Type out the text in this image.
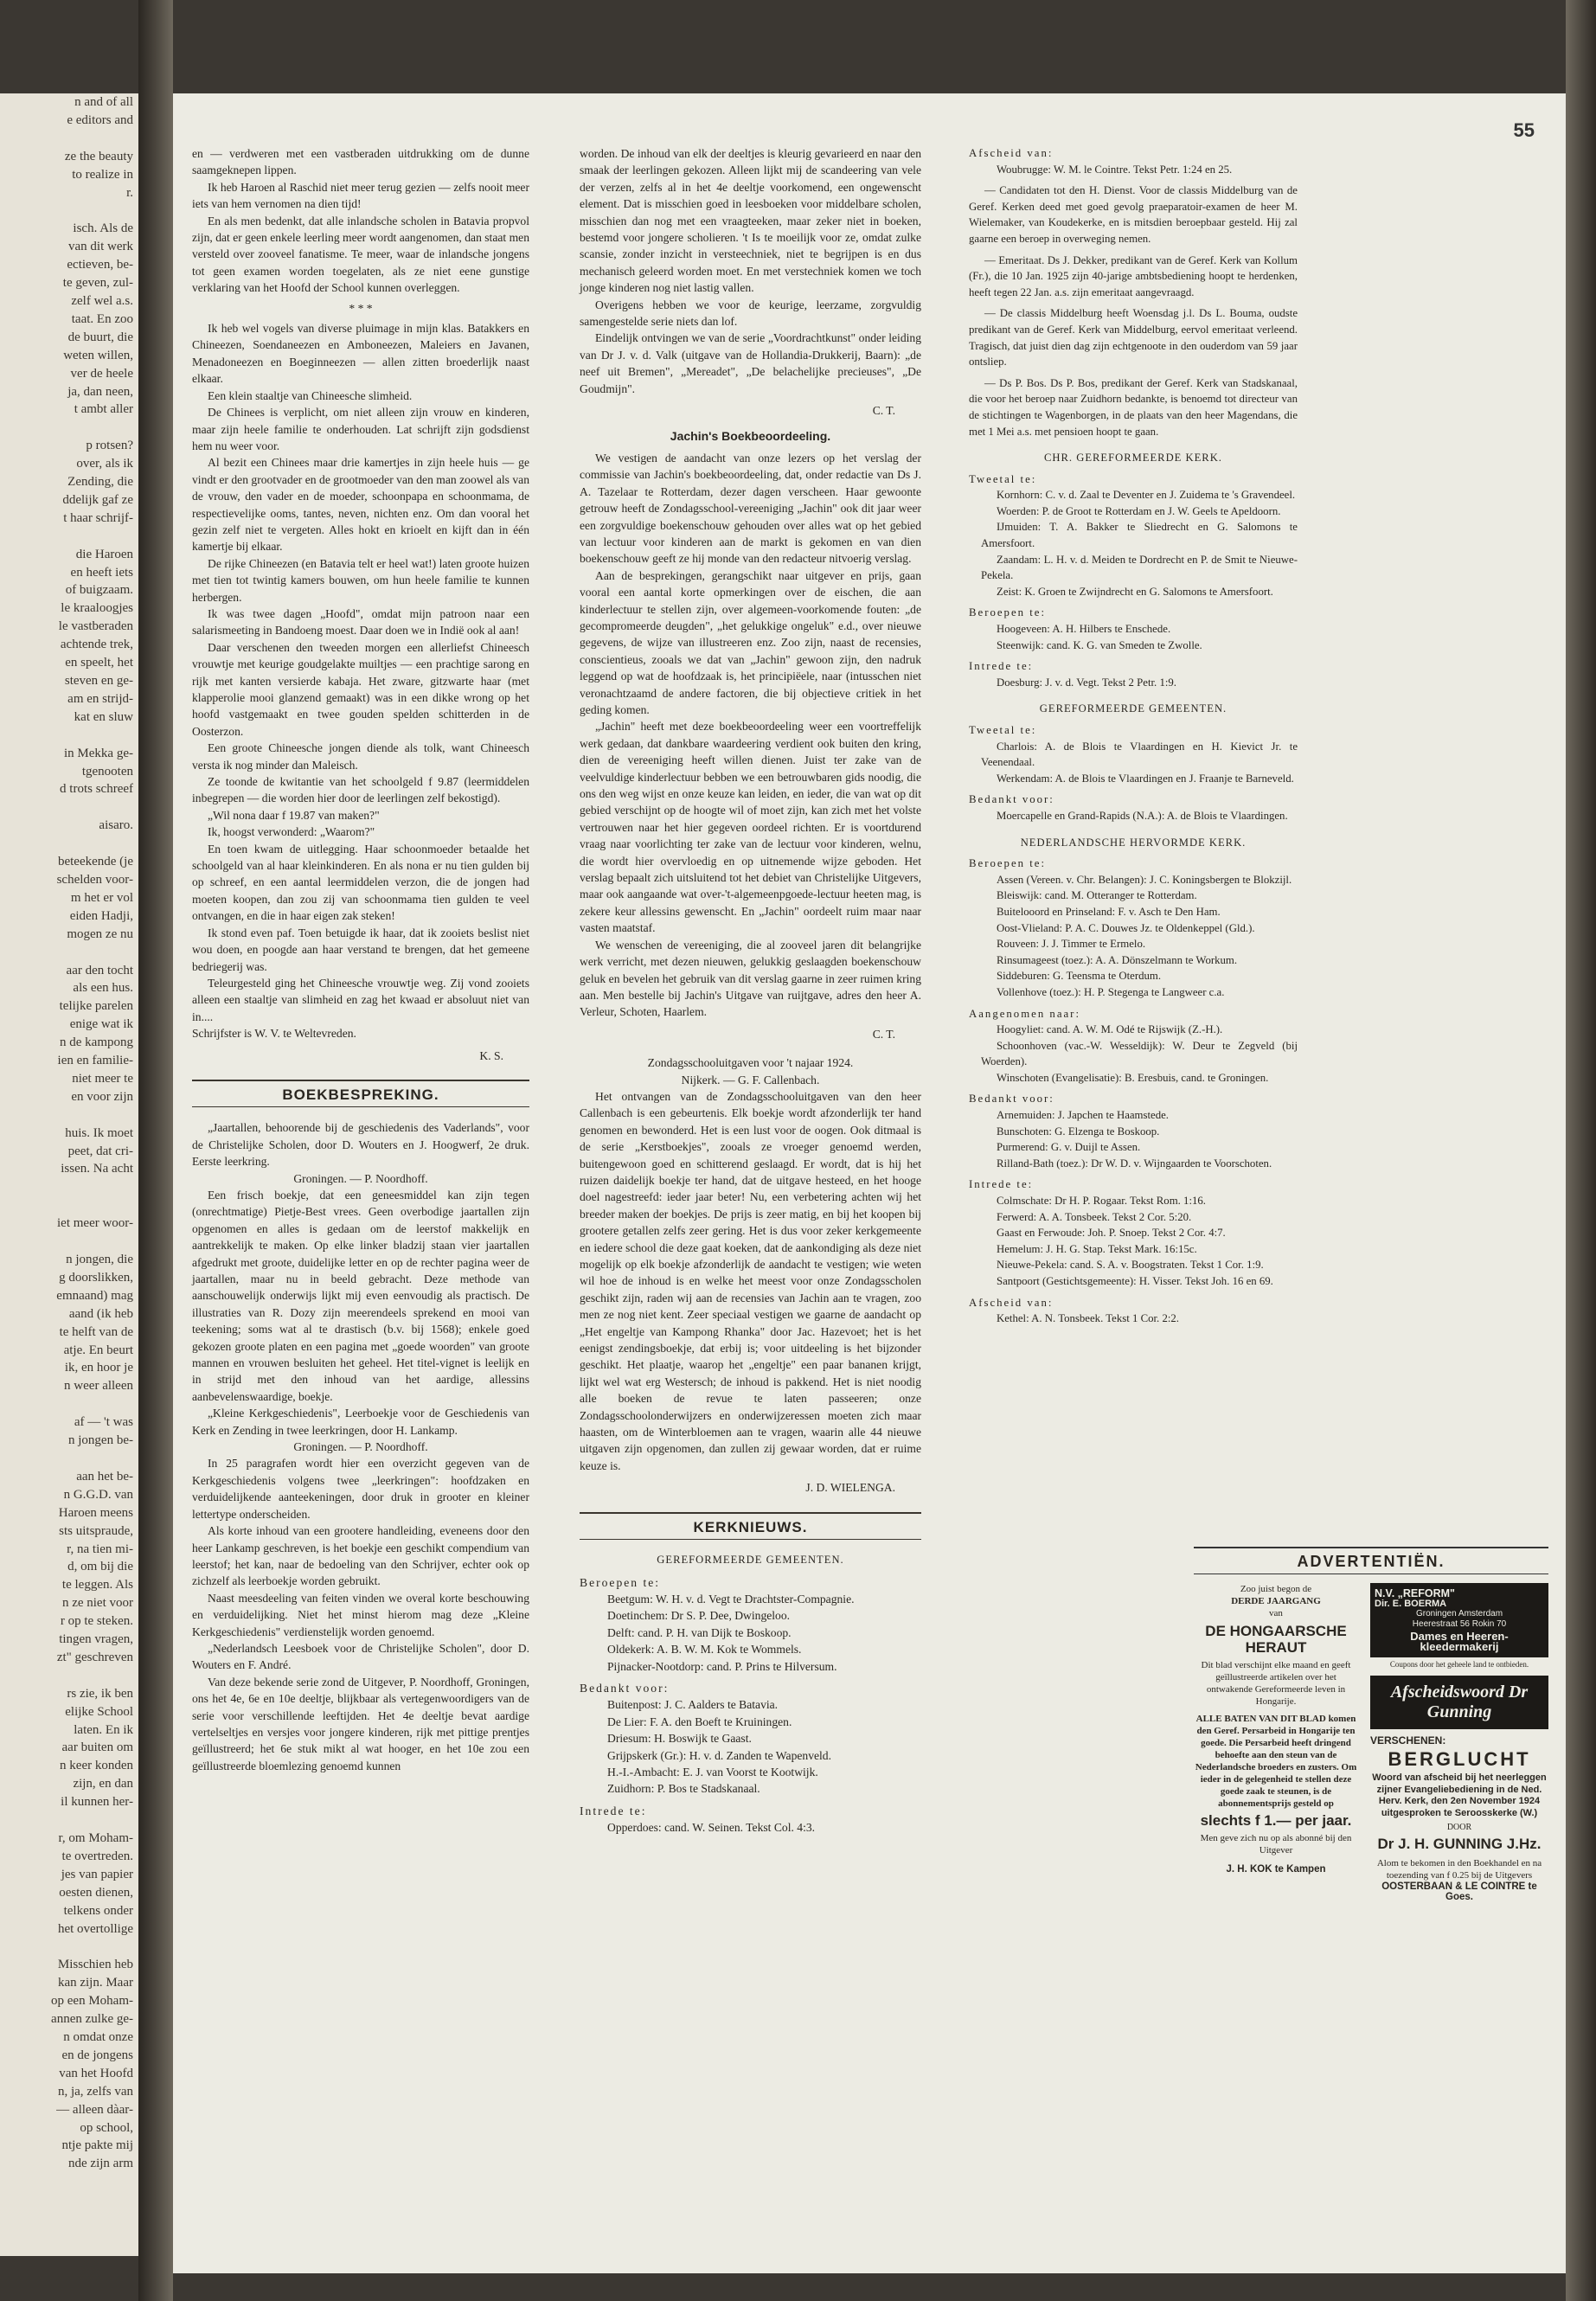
n and of all
e editors and

ze the beauty
to realize in
r.

isch. Als de
van dit werk
ectieven, be-
te geven, zul-
zelf wel a.s.
taat. En zoo
de buurt, die
weten willen,
ver de heele
ja, dan neen,
t ambt aller

p rotsen?
over, als ik
Zending, die
ddelijk gaf ze
t haar schrijf-

die Haroen
en heeft iets
of buigzaam.
le kraaloogjes
le vastberaden
achtende trek,
en speelt, het
steven en ge-
am en strijd-
kat en sluw

in Mekka ge-
tgenooten
d trots schreef

aisaro.

beteekende (je
schelden voor-
m het er vol
eiden Hadji,
mogen ze nu

aar den tocht
als een hus.
telijke parelen
enige wat ik
n de kampong
ien en familie-
niet meer te
en voor zijn

huis. Ik moet
peet, dat cri-
issen. Na acht

iet meer woor-

n jongen, die
g doorslikken,
emnaand) mag
aand (ik heb
te helft van de
atje. En beurt
ik, en hoor je
n weer alleen

af — 't was
n jongen be-

aan het be-
n G.G.D. van
Haroen meens
sts uitspraude,
r, na tien mi-
d, om bij die
te leggen. Als
n ze niet voor
r op te steken.
tingen vragen,
zt" geschreven

rs zie, ik ben
elijke School
laten. En ik
aar buiten om
n keer konden
zijn, en dan
il kunnen her-

r, om Moham-
te overtreden.
jes van papier
oesten dienen,
telkens onder
het overtollige

Misschien heb
kan zijn. Maar
op een Moham-
annen zulke ge-
n omdat onze
en de jongens
van het Hoofd
n, ja, zelfs van
— alleen dàar-
op school,
ntje pakte mij
nde zijn arm
55

en — verdweren met een vastberaden uitdrukking om de dunne saamgeknepen lippen.

Ik heb Haroen al Raschid niet meer terug gezien — zelfs nooit meer iets van hem vernomen na dien tijd!

En als men bedenkt, dat alle inlandsche scholen in Batavia propvol zijn, dat er geen enkele leerling meer wordt aangenomen, dan staat men versteld over zooveel fanatisme. Te meer, waar de inlandsche jongens tot geen examen worden toegelaten, als ze niet eene gunstige verklaring van het Hoofd der School kunnen overleggen.

* * *

Ik heb wel vogels van diverse pluimage in mijn klas. Batakkers en Chineezen, Soendaneezen en Amboneezen, Maleiers en Javanen, Menadoneezen en Boeginneezen — allen zitten broederlijk naast elkaar.

Een klein staaltje van Chineesche slimheid.

De Chinees is verplicht, om niet alleen zijn vrouw en kinderen, maar zijn heele familie te onderhouden. Lat schrijft zijn godsdienst hem nu weer voor.

Al bezit een Chinees maar drie kamertjes in zijn heele huis — ge vindt er den grootvader en de grootmoeder van den man zoowel als van de vrouw, den vader en de moeder, schoonpapa en schoonmama, de respectievelijke ooms, tantes, neven, nichten enz. Om dan vooral het gezin zelf niet te vergeten. Alles hokt en krioelt en kijft dan in één kamertje bij elkaar.

De rijke Chineezen (en Batavia telt er heel wat!) laten groote huizen met tien tot twintig kamers bouwen, om hun heele familie te kunnen herbergen.

Ik was twee dagen „Hoofd", omdat mijn patroon naar een salarismeeting in Bandoeng moest. Daar doen we in Indië ook al aan!

Daar verschenen den tweeden morgen een allerliefst Chineesch vrouwtje met keurige goudgelakte muiltjes — een prachtige sarong en rijk met kanten versierde kabaja. Het zware, gitzwarte haar (met klapperolie mooi glanzend gemaakt) was in een dikke wrong op het hoofd vastgemaakt en twee gouden spelden schitterden in de Oosterzon.

Een groote Chineesche jongen diende als tolk, want Chineesch versta ik nog minder dan Maleisch.

Ze toonde de kwitantie van het schoolgeld f 9.87 (leermiddelen inbegrepen — die worden hier door de leerlingen zelf bekostigd).

„Wil nona daar f 19.87 van maken?"

Ik, hoogst verwonderd: „Waarom?"

En toen kwam de uitlegging. Haar schoonmoeder betaalde het schoolgeld van al haar kleinkinderen. En als nona er nu tien gulden bij op schreef, en een aantal leermiddelen verzon, die de jongen had moeten koopen, dan zou zij van schoonmama tien gulden te veel ontvangen, en die in haar eigen zak steken!

Ik stond even paf. Toen betuigde ik haar, dat ik zooiets beslist niet wou doen, en poogde aan haar verstand te brengen, dat het gemeene bedriegerij was.

Teleurgesteld ging het Chineesche vrouwtje weg. Zij vond zooiets alleen een staaltje van slimheid en zag het kwaad er absoluut niet van in....

Schrijfster is W. V. te Weltevreden.

K. S.
BOEKBESPREKING.

„Jaartallen, behoorende bij de geschiedenis des Vaderlands", voor de Christelijke Scholen, door D. Wouters en J. Hoogwerf, 2e druk. Eerste leerkring.

Groningen. — P. Noordhoff.

Een frisch boekje, dat een geneesmiddel kan zijn tegen (onrechtmatige) Pietje-Best vrees. Geen overbodige jaartallen zijn opgenomen en alles is gedaan om de leerstof makkelijk en aantrekkelijk te maken. Op elke linker bladzij staan vier jaartallen afgedrukt met groote, duidelijke letter en op de rechter pagina weer de jaartallen, maar nu in beeld gebracht. Deze methode van aanschouwelijk onderwijs lijkt mij even eenvoudig als practisch. De illustraties van R. Dozy zijn meerendeels sprekend en mooi van teekening; soms wat al te drastisch (b.v. bij 1568); enkele goed gekozen groote platen en een pagina met „goede woorden" van groote mannen en vrouwen besluiten het geheel. Het titel-vignet is leelijk en in strijd met den inhoud van het aardige, allessins aanbevelenswaardige, boekje.

„Kleine Kerkgeschiedenis", Leerboekje voor de Geschiedenis van Kerk en Zending in twee leerkringen, door H. Lankamp.

Groningen. — P. Noordhoff.

In 25 paragrafen wordt hier een overzicht gegeven van de Kerkgeschiedenis volgens twee „leerkringen": hoofdzaken en verduidelijkende aanteekeningen, door druk in grooter en kleiner lettertype onderscheiden.

Als korte inhoud van een grootere handleiding, eveneens door den heer Lankamp geschreven, is het boekje een geschikt compendium van leerstof; het kan, naar de bedoeling van den Schrijver, echter ook op zichzelf als leerboekje worden gebruikt.

Naast meesdeeling van feiten vinden we overal korte beschouwing en verduidelijking. Niet het minst hierom mag deze „Kleine Kerkgeschiedenis" verdienstelijk worden genoemd.

„Nederlandsch Leesboek voor de Christelijke Scholen", door D. Wouters en F. André.

Van deze bekende serie zond de Uitgever, P. Noordhoff, Groningen, ons het 4e, 6e en 10e deeltje, blijkbaar als vertegenwoordigers van de serie voor verschillende leeftijden. Het 4e deeltje bevat aardige vertelseltjes en versjes voor jongere kinderen, rijk met pittige prentjes geïllustreerd; het 6e stuk mikt al wat hooger, en het 10e zou een geïllustreerde bloemlezing genoemd kunnen

worden. De inhoud van elk der deeltjes is kleurig gevarieerd en naar den smaak der leerlingen gekozen. Alleen lijkt mij de scandeering van vele der verzen, zelfs al in het 4e deeltje voorkomend, een ongewenscht element. Dat is misschien goed in leesboeken voor middelbare scholen, misschien dan nog met een vraagteeken, maar zeker niet in boeken, bestemd voor jongere scholieren. 't Is te moeilijk voor ze, omdat zulke scansie, zonder inzicht in versteechniek, niet te begrijpen is en dus mechanisch geleerd worden moet. En met verstechniek komen we toch jonge kinderen nog niet lastig vallen.

Overigens hebben we voor de keurige, leerzame, zorgvuldig samengestelde serie niets dan lof.

Eindelijk ontvingen we van de serie „Voordrachtkunst" onder leiding van Dr J. v. d. Valk (uitgave van de Hollandia-Drukkerij, Baarn): „de neef uit Bremen", „Mereadet", „De belachelijke precieuses", „De Goudmijn".

C. T.
Jachin's Boekbeoordeeling.

We vestigen de aandacht van onze lezers op het verslag der commissie van Jachin's boekbeoordeeling, dat, onder redactie van Ds J. A. Tazelaar te Rotterdam, dezer dagen verscheen. Haar gewoonte getrouw heeft de Zondagsschool-vereeniging „Jachin" ook dit jaar weer een zorgvuldige boekenschouw gehouden over alles wat op het gebied van lectuur voor kinderen aan de markt is gekomen en van dien boekenschouw geeft ze hij monde van den redacteur nitvoerig verslag.

Aan de besprekingen, gerangschikt naar uitgever en prijs, gaan vooral een aantal korte opmerkingen over de eischen, die aan kinderlectuur te stellen zijn, over algemeen-voorkomende fouten: „de gecompromeerde deugden", „het gelukkige ongeluk" e.d., over nieuwe gegevens, de wijze van illustreeren enz. Zoo zijn, naast de recensies, conscientieus, zooals we dat van „Jachin" gewoon zijn, den nadruk leggend op wat de hoofdzaak is, het principiëele, naar (intusschen niet veronachtzaamd de andere factoren, die bij objectieve critiek in het geding komen.

„Jachin" heeft met deze boekbeoordeeling weer een voortreffelijk werk gedaan, dat dankbare waardeering verdient ook buiten den kring, dien de vereeniging heeft willen dienen. Juist ter zake van de veelvuldige kinderlectuur bebben we een betrouwbaren gids noodig, die ons den weg wijst en onze keuze kan leiden, en ieder, die van wat op dit gebied verschijnt op de hoogte wil of moet zijn, kan zich met het volste vertrouwen naar het hier gegeven oordeel richten. Er is voortdurend vraag naar voorlichting ter zake van de lectuur voor kinderen, welnu, die wordt hier overvloedig en op uitnemende wijze geboden. Het verslag bepaalt zich uitsluitend tot het debiet van Christelijke Uitgevers, maar ook aangaande wat over-'t-algemeenpgoede-lectuur heeten mag, is zekere keur allessins gewenscht. En „Jachin" oordeelt ruim maar naar vasten maatstaf.

We wenschen de vereeniging, die al zooveel jaren dit belangrijke werk verricht, met dezen nieuwen, gelukkig geslaagden boekenschouw geluk en bevelen het gebruik van dit verslag gaarne in zeer ruimen kring aan. Men bestelle bij Jachin's Uitgave van ruijtgave, adres den heer A. Verleur, Schoten, Haarlem.

C. T.

Zondagsschooluitgaven voor 't najaar 1924.

Nijkerk. — G. F. Callenbach.

Het ontvangen van de Zondagsschooluitgaven van den heer Callenbach is een gebeurtenis. Elk boekje wordt afzonderlijk ter hand genomen en bewonderd. Het is een lust voor de oogen. Ook ditmaal is de serie „Kerstboekjes", zooals ze vroeger genoemd werden, buitengewoon goed en schitterend geslaagd. Er wordt, dat is hij het ruizen daidelijk boekje ter hand, dat de uitgave hesteed, en het hooge doel nagestreefd: ieder jaar beter! Nu, een verbetering achten wij het breeder maken der boekjes. De prijs is zeer matig, en bij het koopen bij grootere getallen zelfs zeer gering. Het is dus voor zeker kerkgemeente en iedere school die deze gaat koeken, dat de aankondiging als deze niet mogelijk op elk boekje afzonderlijk de aandacht te vestigen; wie weten wil hoe de inhoud is en welke het meest voor onze Zondagsscholen geschikt zijn, raden wij aan de recensies van Jachin aan te vragen, zoo men ze nog niet kent. Zeer speciaal vestigen we gaarne de aandacht op „Het engeltje van Kampong Rhanka" door Jac. Hazevoet; het is het eenigst zendingsboekje, dat erbij is; voor uitdeeling is het bijzonder geschikt. Het plaatje, waarop het „engeltje" een paar bananen krijgt, lijkt wel wat erg Westersch; de inhoud is pakkend. Het is niet noodig alle boeken de revue te laten passeeren; onze Zondagsschoolonderwijzers en onderwijzeressen moeten zich maar haasten, om de Winterbloemen aan te vragen, waarin alle 44 nieuwe uitgaven zijn opgenomen, dan zullen zij gewaar worden, dat er ruime keuze is.

J. D. WIELENGA.
KERKNIEUWS.
GEREFORMEERDE GEMEENTEN.
Beroepen te:

Beetgum: W. H. v. d. Vegt te Drachtster-Compagnie.

Doetinchem: Dr S. P. Dee, Dwingeloo.

Delft: cand. P. H. van Dijk te Boskoop.

Oldekerk: A. B. W. M. Kok te Wommels.

Pijnacker-Nootdorp: cand. P. Prins te Hilversum.

Bedankt voor:

Buitenpost: J. C. Aalders te Batavia.

De Lier: F. A. den Boeft te Kruiningen.

Driesum: H. Boswijk te Gaast.

Grijpskerk (Gr.): H. v. d. Zanden te Wapenveld.

H.-I.-Ambacht: E. J. van Voorst te Kootwijk.

Zuidhorn: P. Bos te Stadskanaal.

Intrede te:

Opperdoes: cand. W. Seinen. Tekst Col. 4:3.

Afscheid van:

Woubrugge: W. M. le Cointre. Tekst Petr. 1:24 en 25.

— Candidaten tot den H. Dienst. Voor de classis Middelburg van de Geref. Kerken deed met goed gevolg praeparatoir-examen de heer M. Wielemaker, van Koudekerke, en is mitsdien beroepbaar gesteld. Hij zal gaarne een beroep in overweging nemen.

— Emeritaat. Ds J. Dekker, predikant van de Geref. Kerk van Kollum (Fr.), die 10 Jan. 1925 zijn 40-jarige ambtsbediening hoopt te herdenken, heeft tegen 22 Jan. a.s. zijn emeritaat aangevraagd.

— De classis Middelburg heeft Woensdag j.l. Ds L. Bouma, oudste predikant van de Geref. Kerk van Middelburg, eervol emeritaat verleend. Tragisch, dat juist dien dag zijn echtgenoote in den ouderdom van 59 jaar ontsliep.

— Ds P. Bos. Ds P. Bos, predikant der Geref. Kerk van Stadskanaal, die voor het beroep naar Zuidhorn bedankte, is benoemd tot directeur van de stichtingen te Wagenborgen, in de plaats van den heer Magendans, die met 1 Mei a.s. met pensioen hoopt te gaan.

CHR. GEREFORMEERDE KERK.
Tweetal te:

Kornhorn: C. v. d. Zaal te Deventer en J. Zuidema te 's Gravendeel.

Woerden: P. de Groot te Rotterdam en J. W. Geels te Apeldoorn.

IJmuiden: T. A. Bakker te Sliedrecht en G. Salomons te Amersfoort.

Zaandam: L. H. v. d. Meiden te Dordrecht en P. de Smit te Nieuwe-Pekela.

Zeist: K. Groen te Zwijndrecht en G. Salomons te Amersfoort.

Beroepen te:

Hoogeveen: A. H. Hilbers te Enschede.

Steenwijk: cand. K. G. van Smeden te Zwolle.

Intrede te:

Doesburg: J. v. d. Vegt. Tekst 2 Petr. 1:9.

GEREFORMEERDE GEMEENTEN.
Tweetal te:

Charlois: A. de Blois te Vlaardingen en H. Kievict Jr. te Veenendaal.

Werkendam: A. de Blois te Vlaardingen en J. Fraanje te Barneveld.

Bedankt voor:

Moercapelle en Grand-Rapids (N.A.): A. de Blois te Vlaardingen.

NEDERLANDSCHE HERVORMDE KERK.
Beroepen te:

Assen (Vereen. v. Chr. Belangen): J. C. Koningsbergen te Blokzijl.

Bleiswijk: cand. M. Otteranger te Rotterdam.

Buitelooord en Prinseland: F. v. Asch te Den Ham.

Oost-Vlieland: P. A. C. Douwes Jz. te Oldenkeppel (Gld.).

Rouveen: J. J. Timmer te Ermelo.

Rinsumageest (toez.): A. A. Dönszelmann te Workum.

Siddeburen: G. Teensma te Oterdum.

Vollenhove (toez.): H. P. Stegenga te Langweer c.a.

Aangenomen naar:

Hoogyliet: cand. A. W. M. Odé te Rijswijk (Z.-H.).

Schoonhoven (vac.-W. Wesseldijk): W. Deur te Zegveld (bij Woerden).

Winschoten (Evangelisatie): B. Eresbuis, cand. te Groningen.

Bedankt voor:

Arnemuiden: J. Japchen te Haamstede.

Bunschoten: G. Elzenga te Boskoop.

Purmerend: G. v. Duijl te Assen.

Rilland-Bath (toez.): Dr W. D. v. Wijngaarden te Voorschoten.

Intrede te:

Colmschate: Dr H. P. Rogaar. Tekst Rom. 1:16.

Ferwerd: A. A. Tonsbeek. Tekst 2 Cor. 5:20.

Gaast en Ferwoude: Joh. P. Snoep. Tekst 2 Cor. 4:7.

Hemelum: J. H. G. Stap. Tekst Mark. 16:15c.

Nieuwe-Pekela: cand. S. A. v. Boogstraten. Tekst 1 Cor. 1:9.

Santpoort (Gestichtsgemeente): H. Visser. Tekst Joh. 16 en 69.

Afscheid van:

Kethel: A. N. Tonsbeek. Tekst 1 Cor. 2:2.

ADVERTENTIËN.
Zoo juist begon de
DERDE JAARGANG
van
DE HONGAARSCHE HERAUT
Dit blad verschijnt elke maand en geeft geïllustreerde artikelen over het ontwakende Gereformeerde leven in Hongarije.
ALLE BATEN VAN DIT BLAD komen den Geref. Persarbeid in Hongarije ten goede. Die Persarbeid heeft dringend behoefte aan den steun van de Nederlandsche broeders en zusters. Om ieder in de gelegenheid te stellen deze goede zaak te steunen, is de abonnementsprijs gesteld op
slechts f 1.— per jaar.
Men geve zich nu op als abonné bij den Uitgever
J. H. KOK te Kampen
N.V. „REFORM"
Dir. E. BOERMA
Groningen Amsterdam
Heerestraat 56 Rokin 70
Dames en Heeren-kleedermakerij
Coupons door het geheele land te ontbieden.
Afscheidswoord Dr Gunning
VERSCHENEN:
BERGLUCHT
Woord van afscheid bij het neerleggen zijner Evangeliebediening in de Ned. Herv. Kerk, den 2en November 1924 uitgesproken te Seroosskerke (W.)
DOOR
Dr J. H. GUNNING J.Hz.
Alom te bekomen in den Boekhandel en na toezending van f 0.25 bij de Uitgevers
OOSTERBAAN & LE COINTRE te Goes.
